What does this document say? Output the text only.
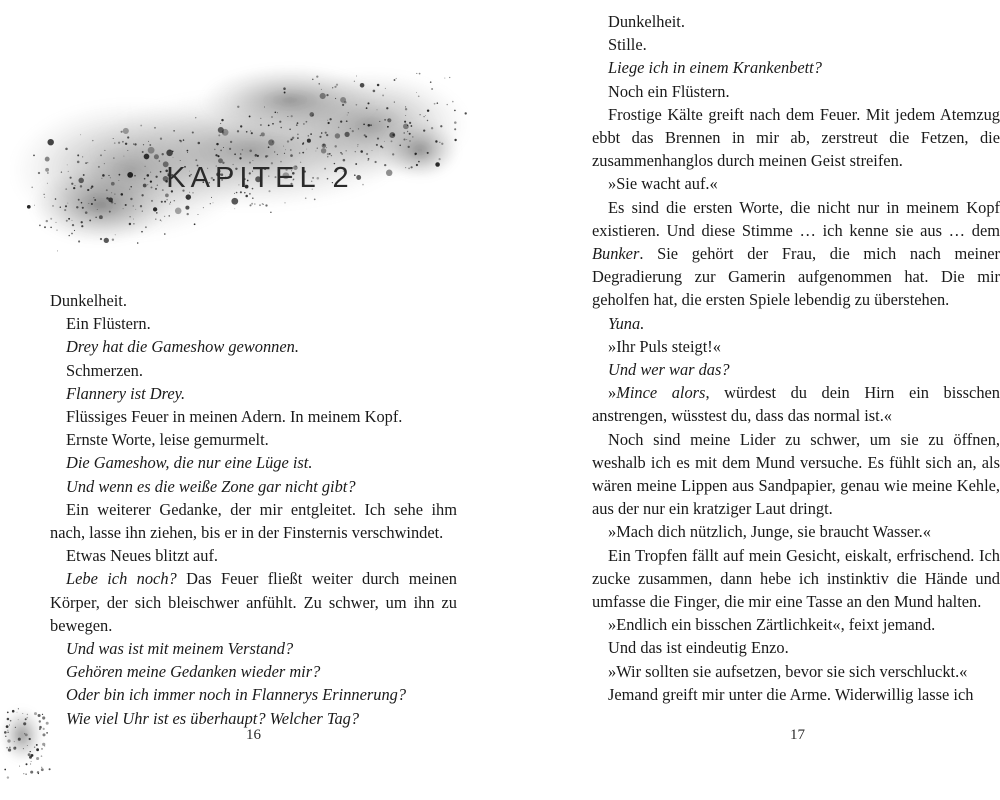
KAPITEL 2

Dunkelheit.

Ein Flüstern.

Drey hat die Gameshow gewonnen.

Schmerzen.

Flannery ist Drey.

Flüssiges Feuer in meinen Adern. In meinem Kopf.

Ernste Worte, leise gemurmelt.

Die Gameshow, die nur eine Lüge ist.

Und wenn es die weiße Zone gar nicht gibt?

Ein weiterer Gedanke, der mir entgleitet. Ich sehe ihm nach, lasse ihn ziehen, bis er in der Finsternis verschwindet.

Etwas Neues blitzt auf.

Lebe ich noch? Das Feuer fließt weiter durch meinen Körper, der sich bleischwer anfühlt. Zu schwer, um ihn zu bewegen.

Und was ist mit meinem Verstand?

Gehören meine Gedanken wieder mir?

Oder bin ich immer noch in Flannerys Erinnerung?

Wie viel Uhr ist es überhaupt? Welcher Tag?

16

Dunkelheit.

Stille.

Liege ich in einem Krankenbett?

Noch ein Flüstern.

Frostige Kälte greift nach dem Feuer. Mit jedem Atemzug ebbt das Brennen in mir ab, zerstreut die Fetzen, die zusammenhanglos durch meinen Geist streifen.

»Sie wacht auf.«

Es sind die ersten Worte, die nicht nur in meinem Kopf existieren. Und diese Stimme … ich kenne sie aus … dem Bunker. Sie gehört der Frau, die mich nach meiner Degradierung zur Gamerin aufgenommen hat. Die mir geholfen hat, die ersten Spiele lebendig zu überstehen.

Yuna.

»Ihr Puls steigt!«

Und wer war das?

»Mince alors, würdest du dein Hirn ein bisschen anstrengen, wüsstest du, dass das normal ist.«

Noch sind meine Lider zu schwer, um sie zu öffnen, weshalb ich es mit dem Mund versuche. Es fühlt sich an, als wären meine Lippen aus Sandpapier, genau wie meine Kehle, aus der nur ein kratziger Laut dringt.

»Mach dich nützlich, Junge, sie braucht Wasser.«

Ein Tropfen fällt auf mein Gesicht, eiskalt, erfrischend. Ich zucke zusammen, dann hebe ich instinktiv die Hände und umfasse die Finger, die mir eine Tasse an den Mund halten.

»Endlich ein bisschen Zärtlichkeit«, feixt jemand.

Und das ist eindeutig Enzo.

»Wir sollten sie aufsetzen, bevor sie sich verschluckt.«

Jemand greift mir unter die Arme. Widerwillig lasse ich

17
